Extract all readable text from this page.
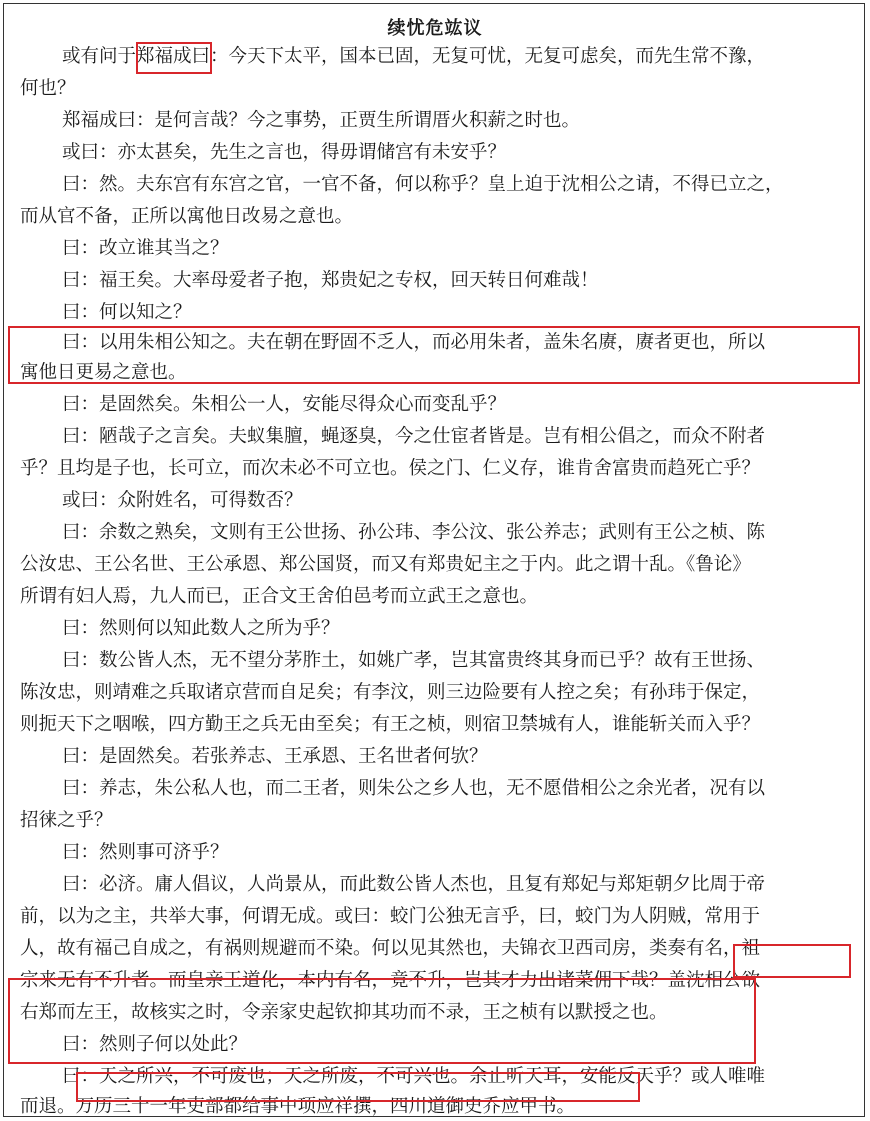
续忧危竑议
或有问于郑福成曰：今天下太平，国本已固，无复可忧，无复可虑矣，而先生常不豫，
何也？
郑福成曰：是何言哉？今之事势，正贾生所谓厝火积薪之时也。
或曰：亦太甚矣，先生之言也，得毋谓储宫有未安乎？
曰：然。夫东宫有东宫之官，一官不备，何以称乎？皇上迫于沈相公之请，不得已立之，
而从官不备，正所以寓他日改易之意也。
曰：改立谁其当之？
曰：福王矣。大率母爱者子抱，郑贵妃之专权，回天转日何难哉！
曰：何以知之？
曰：以用朱相公知之。夫在朝在野固不乏人，而必用朱者，盖朱名赓，赓者更也，所以
寓他日更易之意也。
曰：是固然矣。朱相公一人，安能尽得众心而变乱乎？
曰：陋哉子之言矣。夫蚁集膻，蝇逐臭，今之仕宦者皆是。岂有相公倡之，而众不附者
乎？且均是子也，长可立，而次未必不可立也。侯之门、仁义存，谁肯舍富贵而趋死亡乎？
或曰：众附姓名，可得数否？
曰：余数之熟矣，文则有王公世扬、孙公玮、李公汶、张公养志；武则有王公之桢、陈
公汝忠、王公名世、王公承恩、郑公国贤，而又有郑贵妃主之于内。此之谓十乱。《鲁论》
所谓有妇人焉，九人而已，正合文王舍伯邑考而立武王之意也。
曰：然则何以知此数人之所为乎？
曰：数公皆人杰，无不望分茅胙土，如姚广孝，岂其富贵终其身而已乎？故有王世扬、
陈汝忠，则靖难之兵取诸京营而自足矣；有李汶，则三边险要有人控之矣；有孙玮于保定，
则扼天下之咽喉，四方勤王之兵无由至矣；有王之桢，则宿卫禁城有人，谁能斩关而入乎？
曰：是固然矣。若张养志、王承恩、王名世者何欤？
曰：养志，朱公私人也，而二王者，则朱公之乡人也，无不愿借相公之余光者，况有以
招徕之乎？
曰：然则事可济乎？
曰：必济。庸人倡议，人尚景从，而此数公皆人杰也，且复有郑妃与郑矩朝夕比周于帝
前，以为之主，共举大事，何谓无成。或曰：蛟门公独无言乎，曰，蛟门为人阴贼，常用于
人，故有福己自成之，有祸则规避而不染。何以见其然也，夫锦衣卫西司房，类奏有名，祖
宗来无有不升者。而皇亲王道化，本内有名，竟不升，岂其才力出诸菜佣下哉？盖沈相公欲
右郑而左王，故核实之时，令亲家史起钦抑其功而不录，王之桢有以默授之也。
曰：然则子何以处此？
曰：天之所兴，不可废也；天之所废，不可兴也。余止听天耳，安能反天乎？或人唯唯
而退。万历三十一年吏部都给事中项应祥撰，四川道御史乔应甲书。
